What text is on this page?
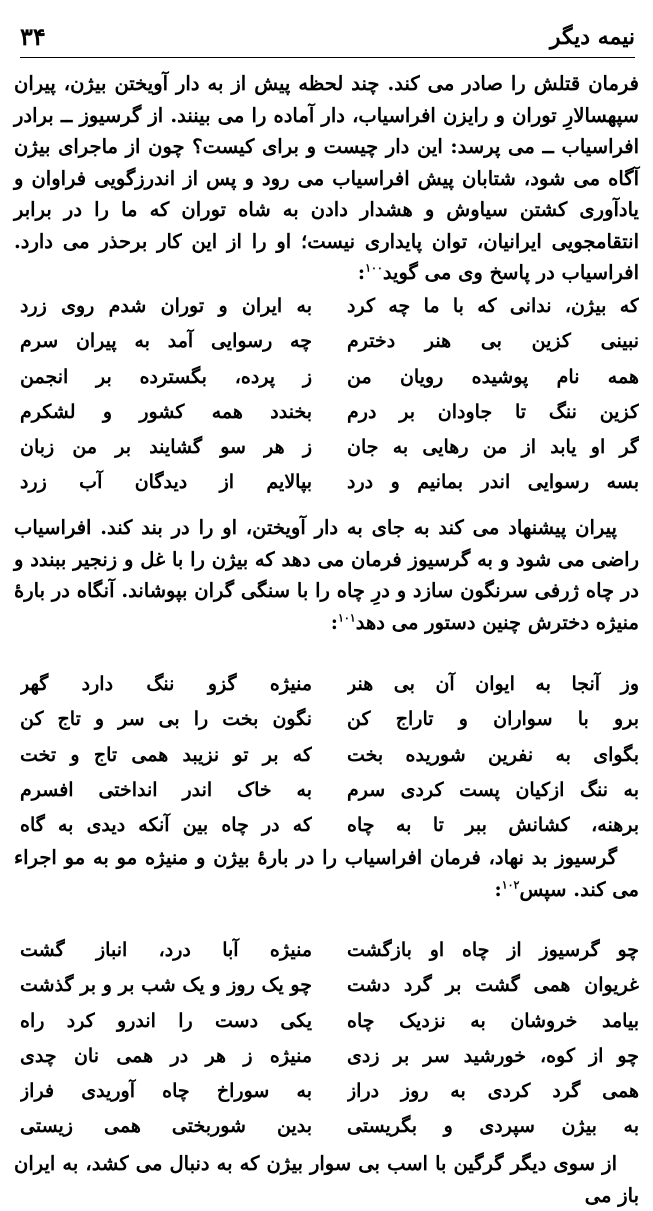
۳۴	نیمه دیگر

فرمان قتلش را صادر می کند. چند لحظه پیش از به دار آویختن بیژن، پیران سپهسالارِ توران و رایزن افراسیاب، دار آماده را می بینند. از گرسیوز ــ برادر افراسیاب ــ می پرسد: این دار چیست و برای کیست؟ چون از ماجرای بیژن آگاه می شود، شتابان پیش افراسیاب می رود و پس از اندرزگویی فراوان و یادآوری کشتن سیاوش و هشدار دادن به شاه توران که ما را در برابر انتقامجویی ایرانیان، توان پایداری نیست؛ او را از این کار برحذر می دارد. افراسیاب در پاسخ وی می گوید$^{۱۰۰}$:

که بیژن، ندانی که با ما چه کرد
به ایران و توران شدم روی زرد
نبینی کزین بی هنر دخترم
چه رسوایی آمد به پیران سرم
همه نام پوشیده رویان من
ز پرده، بگسترده بر انجمن
کزین ننگ تا جاودان بر درم
بخندد همه کشور و لشکرم
گر او یابد از من رهایی به جان
ز هر سو گشایند بر من زبان
بسه رسوایی اندر بمانیم و درد
بپالایم از دیدگان آب زرد

پیران پیشنهاد می کند به جای به دار آویختن، او را در بند کند. افراسیاب راضی می شود و به گرسیوز فرمان می دهد که بیژن را با غل و زنجیر ببندد و در چاه ژرفی سرنگون سازد و درِ چاه را با سنگی گران بپوشاند. آنگاه در بارهٔ منیژه دخترش چنین دستور می دهد$^{۱۰۱}$:

وز آنجا به ایوان آن بی هنر
منیژه گزو ننگ دارد گهر
برو با سواران و تاراج کن
نگون بخت را بی سر و تاج کن
بگوای به نفرین شوریده بخت
که بر تو نزیبد همی تاج و تخت
به ننگ ازکیان پست کردی سرم
به خاک اندر انداختی افسرم
برهنه، کشانش ببر تا به چاه
که در چاه بین آنکه دیدی به گاه

گرسیوز بد نهاد، فرمان افراسیاب را در بارهٔ بیژن و منیژه مو به مو اجراء می کند. سپس$^{۱۰۲}$:

چو گرسیوز از چاه او بازگشت
منیژه آبا درد، انباز گشت
غریوان همی گشت بر گرد دشت
چو یک روز و یک شب بر و بر گذشت
بیامد خروشان به نزدیک چاه
یکی دست را اندرو کرد راه
چو از کوه، خورشید سر بر زدی
منیژه ز هر در همی نان چدی
همی گرد کردی به روز دراز
به سوراخ چاه آوریدی فراز
به بیژن سپردی و بگریستی
بدین شوربختی همی زیستی

از سوی دیگر گرگین با اسب بی سوار بیژن که به دنبال می کشد، به ایران باز می
